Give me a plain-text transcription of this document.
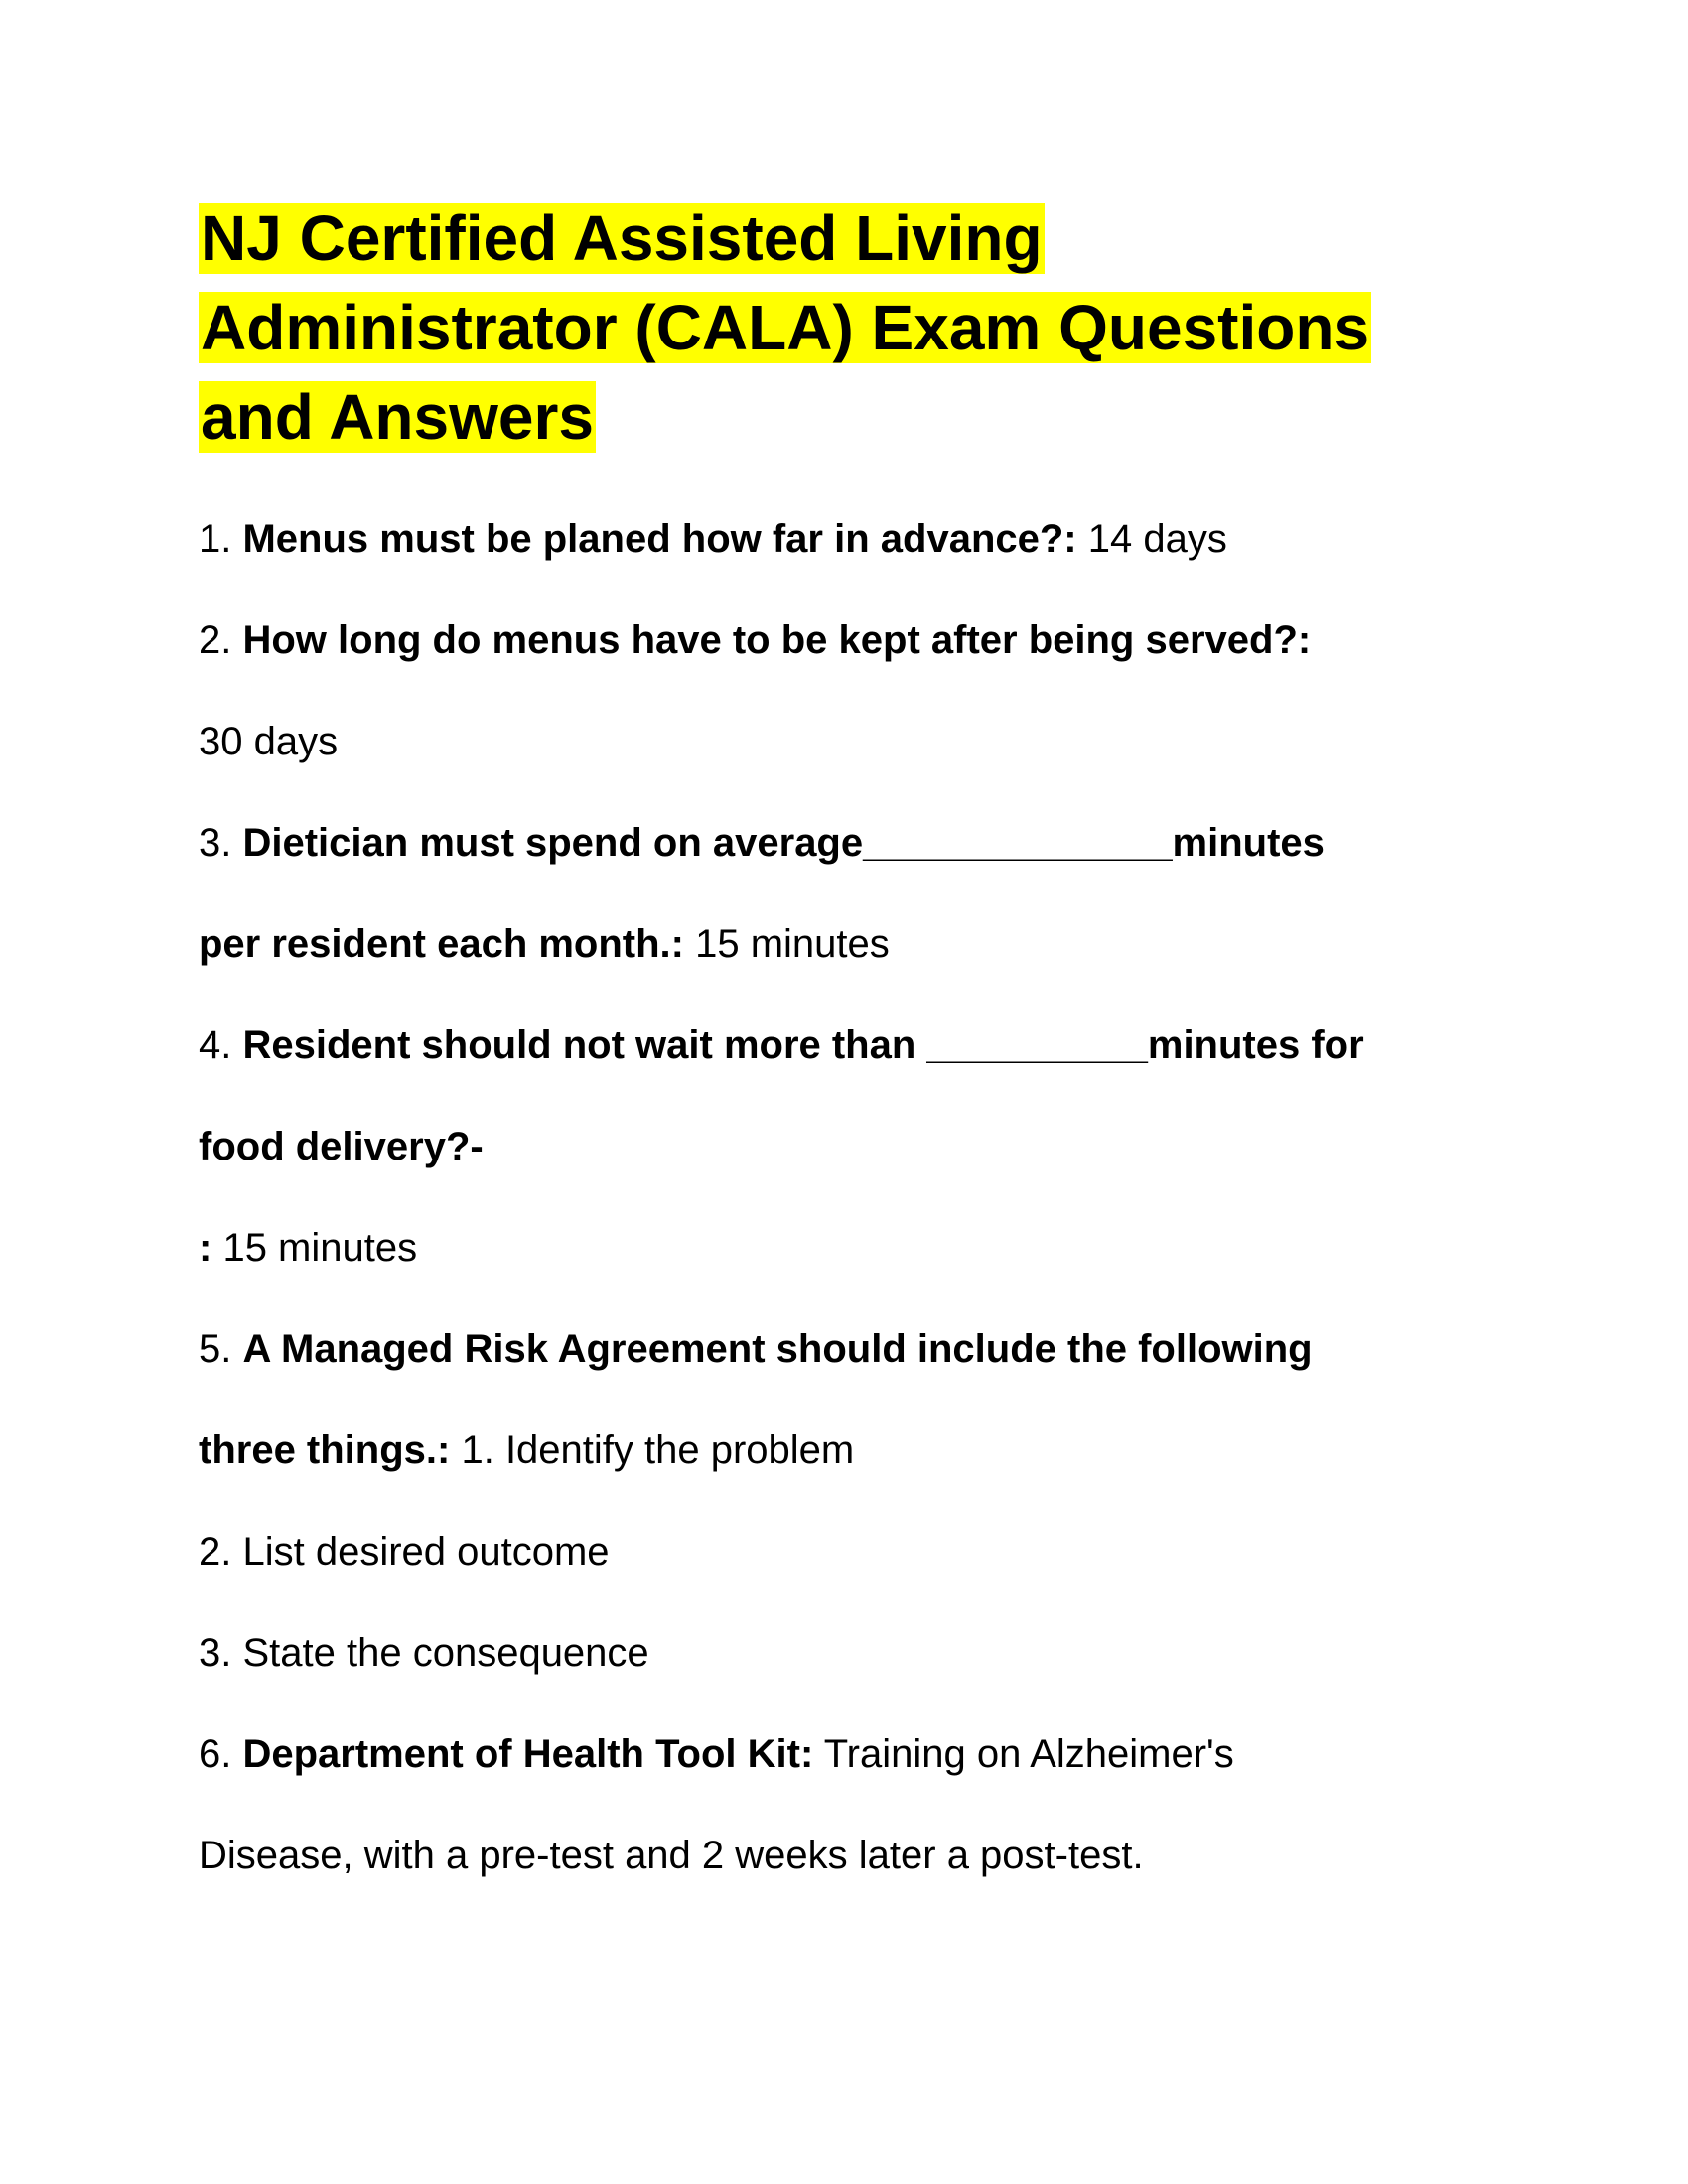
NJ Certified Assisted Living
Administrator (CALA) Exam Questions
and Answers
1. Menus must be planed how far in advance?: 14 days
2. How long do menus have to be kept after being served?:
30 days
3. Dietician must spend on average______________minutes
per resident each month.: 15 minutes
4. Resident should not wait more than __________minutes for
food delivery?-
: 15 minutes
5. A Managed Risk Agreement should include the following
three things.: 1. Identify the problem
2. List desired outcome
3. State the consequence
6. Department of Health Tool Kit: Training on Alzheimer's
Disease, with a pre-test and 2 weeks later a post-test.
